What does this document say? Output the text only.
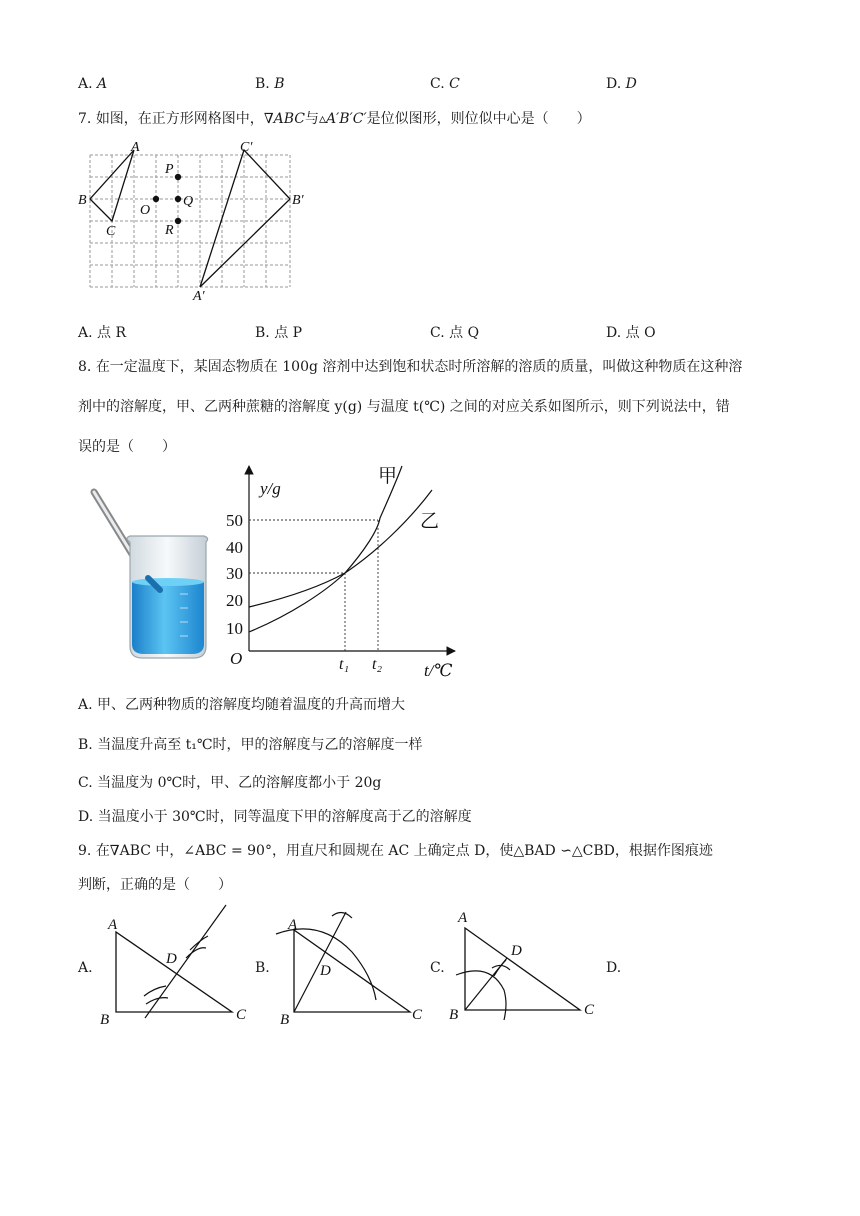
A. A	B. B	C. C	D. D
7. 如图，在正方形网格图中，∇ABC与▵A′B′C′是位似图形，则位似中心是（　　）
A
B
C
C′
B′
A′
P
O
Q
R
A. 点 R	B. 点 P	C. 点 Q	D. 点 O
8. 在一定温度下，某固态物质在 100g 溶剂中达到饱和状态时所溶解的溶质的质量，叫做这种物质在这种溶
剂中的溶解度，甲、乙两种蔗糖的溶解度 y(g) 与温度 t(℃) 之间的对应关系如图所示，则下列说法中，错
误的是（　　）
10
20
30
40
50
O
y/g
t/℃
t₁ t₂
甲
乙
A. 甲、乙两种物质的溶解度均随着温度的升高而增大
B. 当温度升高至 t₁℃时，甲的溶解度与乙的溶解度一样
C. 当温度为 0℃时，甲、乙的溶解度都小于 20g
D. 当温度小于 30℃时，同等温度下甲的溶解度高于乙的溶解度
9. 在∇ABC 中，∠ABC = 90°，用直尺和圆规在 AC 上确定点 D，使△BAD ∽△CBD，根据作图痕迹
判断，正确的是（　　）
A.	B.	C.	D.
A
B	C
D
A
B	C
D
A
B	C
D
